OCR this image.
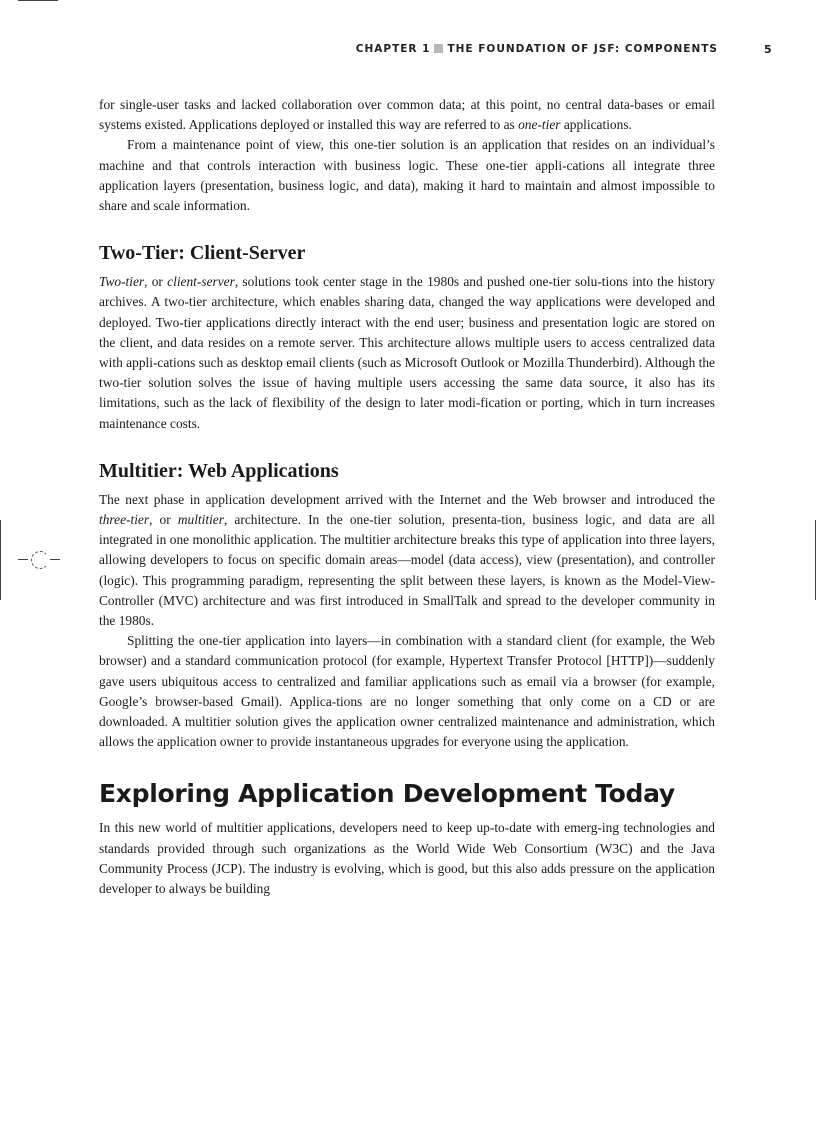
CHAPTER 1 THE FOUNDATION OF JSF: COMPONENTS	5

for single-user tasks and lacked collaboration over common data; at this point, no central data-bases or email systems existed. Applications deployed or installed this way are referred to as one-tier applications.

From a maintenance point of view, this one-tier solution is an application that resides on an individual’s machine and that controls interaction with business logic. These one-tier appli-cations all integrate three application layers (presentation, business logic, and data), making it hard to maintain and almost impossible to share and scale information.

Two-Tier: Client-Server

Two-tier, or client-server, solutions took center stage in the 1980s and pushed one-tier solu-tions into the history archives. A two-tier architecture, which enables sharing data, changed the way applications were developed and deployed. Two-tier applications directly interact with the end user; business and presentation logic are stored on the client, and data resides on a remote server. This architecture allows multiple users to access centralized data with appli-cations such as desktop email clients (such as Microsoft Outlook or Mozilla Thunderbird). Although the two-tier solution solves the issue of having multiple users accessing the same data source, it also has its limitations, such as the lack of flexibility of the design to later modi-fication or porting, which in turn increases maintenance costs.

Multitier: Web Applications

The next phase in application development arrived with the Internet and the Web browser and introduced the three-tier, or multitier, architecture. In the one-tier solution, presenta-tion, business logic, and data are all integrated in one monolithic application. The multitier architecture breaks this type of application into three layers, allowing developers to focus on specific domain areas—model (data access), view (presentation), and controller (logic). This programming paradigm, representing the split between these layers, is known as the Model-View-Controller (MVC) architecture and was first introduced in SmallTalk and spread to the developer community in the 1980s.

Splitting the one-tier application into layers—in combination with a standard client (for example, the Web browser) and a standard communication protocol (for example, Hypertext Transfer Protocol [HTTP])—suddenly gave users ubiquitous access to centralized and familiar applications such as email via a browser (for example, Google’s browser-based Gmail). Applica-tions are no longer something that only come on a CD or are downloaded. A multitier solution gives the application owner centralized maintenance and administration, which allows the application owner to provide instantaneous upgrades for everyone using the application.

Exploring Application Development Today

In this new world of multitier applications, developers need to keep up-to-date with emerg-ing technologies and standards provided through such organizations as the World Wide Web Consortium (W3C) and the Java Community Process (JCP). The industry is evolving, which is good, but this also adds pressure on the application developer to always be building
